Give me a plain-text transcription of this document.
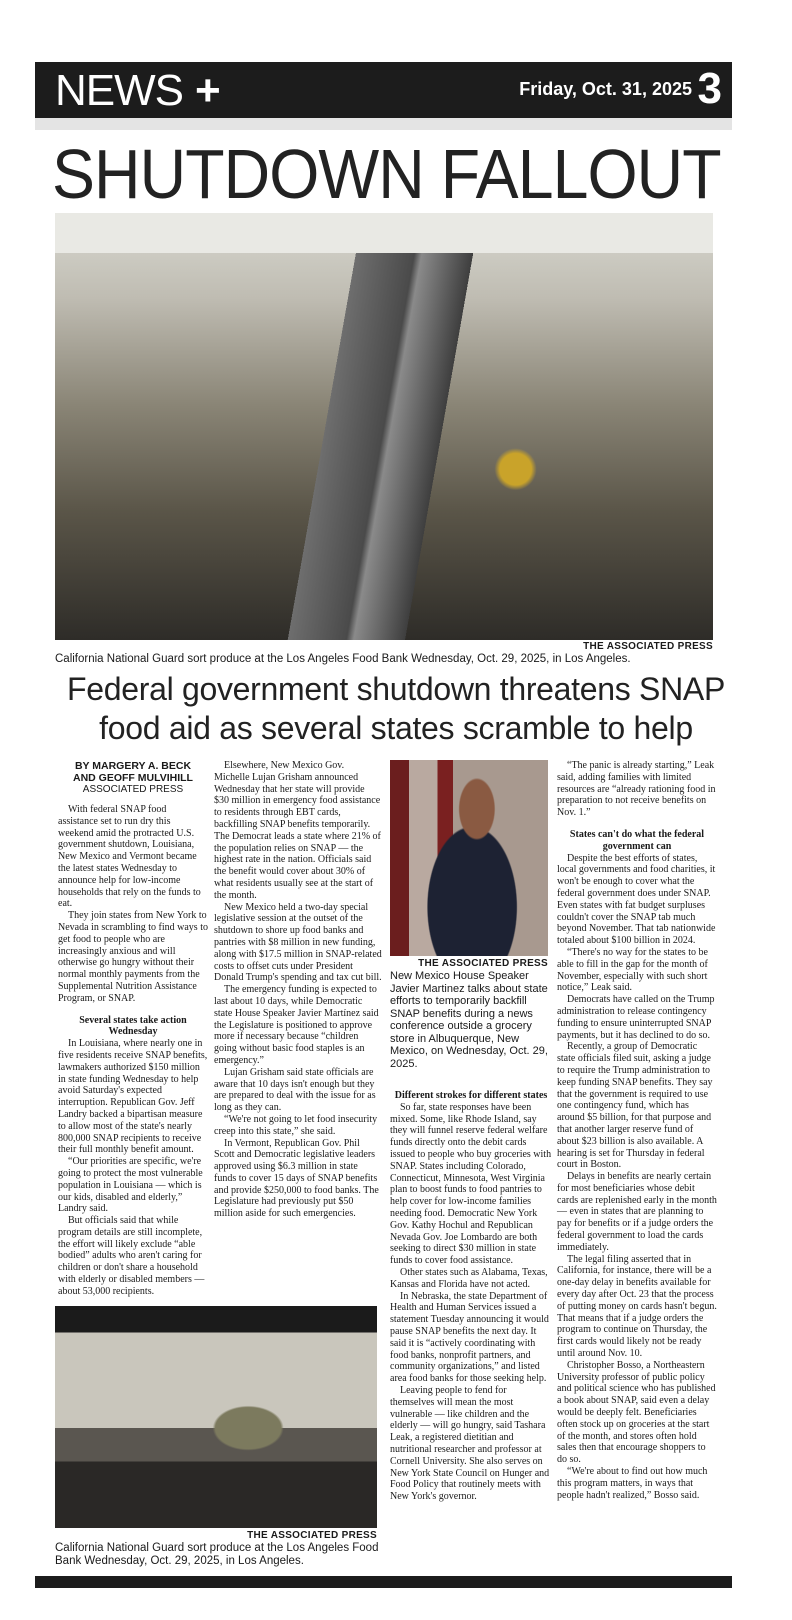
NEWS +	Friday, Oct. 31, 2025 3
SHUTDOWN FALLOUT
THE ASSOCIATED PRESS
California National Guard sort produce at the Los Angeles Food Bank Wednesday, Oct. 29, 2025, in Los Angeles.
Federal government shutdown threatens SNAP
food aid as several states scramble to help
BY MARGERY A. BECK
AND GEOFF MULVIHILL
ASSOCIATED PRESS

With federal SNAP food assistance set to run dry this weekend amid the protracted U.S. government shutdown, Louisiana, New Mexico and Vermont became the latest states Wednesday to announce help for low-income households that rely on the funds to eat.

They join states from New York to Nevada in scrambling to find ways to get food to people who are increasingly anxious and will otherwise go hungry without their normal monthly payments from the Supplemental Nutrition Assistance Program, or SNAP.

Several states take action Wednesday

In Louisiana, where nearly one in five residents receive SNAP benefits, lawmakers authorized $150 million in state funding Wednesday to help avoid Saturday's expected interruption. Republican Gov. Jeff Landry backed a bipartisan measure to allow most of the state's nearly 800,000 SNAP recipients to receive their full monthly benefit amount.

“Our priorities are specific, we're going to protect the most vulnerable population in Louisiana — which is our kids, disabled and elderly,” Landry said.

But officials said that while program details are still incomplete, the effort will likely exclude “able bodied” adults who aren't caring for children or don't share a household with elderly or disabled members — about 53,000 recipients.

Elsewhere, New Mexico Gov. Michelle Lujan Grisham announced Wednesday that her state will provide $30 million in emergency food assistance to residents through EBT cards, backfilling SNAP benefits temporarily. The Democrat leads a state where 21% of the population relies on SNAP — the highest rate in the nation. Officials said the benefit would cover about 30% of what residents usually see at the start of the month.

New Mexico held a two-day special legislative session at the outset of the shutdown to shore up food banks and pantries with $8 million in new funding, along with $17.5 million in SNAP-related costs to offset cuts under President Donald Trump's spending and tax cut bill.

The emergency funding is expected to last about 10 days, while Democratic state House Speaker Javier Martínez said the Legislature is positioned to approve more if necessary because “children going without basic food staples is an emergency.”

Lujan Grisham said state officials are aware that 10 days isn't enough but they are prepared to deal with the issue for as long as they can.

“We're not going to let food insecurity creep into this state,” she said.

In Vermont, Republican Gov. Phil Scott and Democratic legislative leaders approved using $6.3 million in state funds to cover 15 days of SNAP benefits and provide $250,000 to food banks. The Legislature had previously put $50 million aside for such emergencies.

THE ASSOCIATED PRESS
New Mexico House Speaker Javier Martinez talks about state efforts to temporarily backfill SNAP benefits during a news conference outside a grocery store in Albuquerque, New Mexico, on Wednesday, Oct. 29, 2025.
Different strokes for different states

So far, state responses have been mixed. Some, like Rhode Island, say they will funnel reserve federal welfare funds directly onto the debit cards issued to people who buy groceries with SNAP. States including Colorado, Connecticut, Minnesota, West Virginia plan to boost funds to food pantries to help cover for low-income families needing food. Democratic New York Gov. Kathy Hochul and Republican Nevada Gov. Joe Lombardo are both seeking to direct $30 million in state funds to cover food assistance.

Other states such as Alabama, Texas, Kansas and Florida have not acted.

In Nebraska, the state Department of Health and Human Services issued a statement Tuesday announcing it would pause SNAP benefits the next day. It said it is “actively coordinating with food banks, nonprofit partners, and community organizations,” and listed area food banks for those seeking help.

Leaving people to fend for themselves will mean the most vulnerable — like children and the elderly — will go hungry, said Tashara Leak, a registered dietitian and nutritional researcher and professor at Cornell University. She also serves on New York State Council on Hunger and Food Policy that routinely meets with New York's governor.

“The panic is already starting,” Leak said, adding families with limited resources are “already rationing food in preparation to not receive benefits on Nov. 1.”

States can't do what the federal government can

Despite the best efforts of states, local governments and food charities, it won't be enough to cover what the federal government does under SNAP. Even states with fat budget surpluses couldn't cover the SNAP tab much beyond November. That tab nationwide totaled about $100 billion in 2024.

“There's no way for the states to be able to fill in the gap for the month of November, especially with such short notice,” Leak said.

Democrats have called on the Trump administration to release contingency funding to ensure uninterrupted SNAP payments, but it has declined to do so.

Recently, a group of Democratic state officials filed suit, asking a judge to require the Trump administration to keep funding SNAP benefits. They say that the government is required to use one contingency fund, which has around $5 billion, for that purpose and that another larger reserve fund of about $23 billion is also available. A hearing is set for Thursday in federal court in Boston.

Delays in benefits are nearly certain for most beneficiaries whose debit cards are replenished early in the month — even in states that are planning to pay for benefits or if a judge orders the federal government to load the cards immediately.

The legal filing asserted that in California, for instance, there will be a one-day delay in benefits available for every day after Oct. 23 that the process of putting money on cards hasn't begun. That means that if a judge orders the program to continue on Thursday, the first cards would likely not be ready until around Nov. 10.

Christopher Bosso, a Northeastern University professor of public policy and political science who has published a book about SNAP, said even a delay would be deeply felt. Beneficiaries often stock up on groceries at the start of the month, and stores often hold sales then that encourage shoppers to do so.

“We're about to find out how much this program matters, in ways that people hadn't realized,” Bosso said.

THE ASSOCIATED PRESS
California National Guard sort produce at the Los Angeles Food Bank Wednesday, Oct. 29, 2025, in Los Angeles.
